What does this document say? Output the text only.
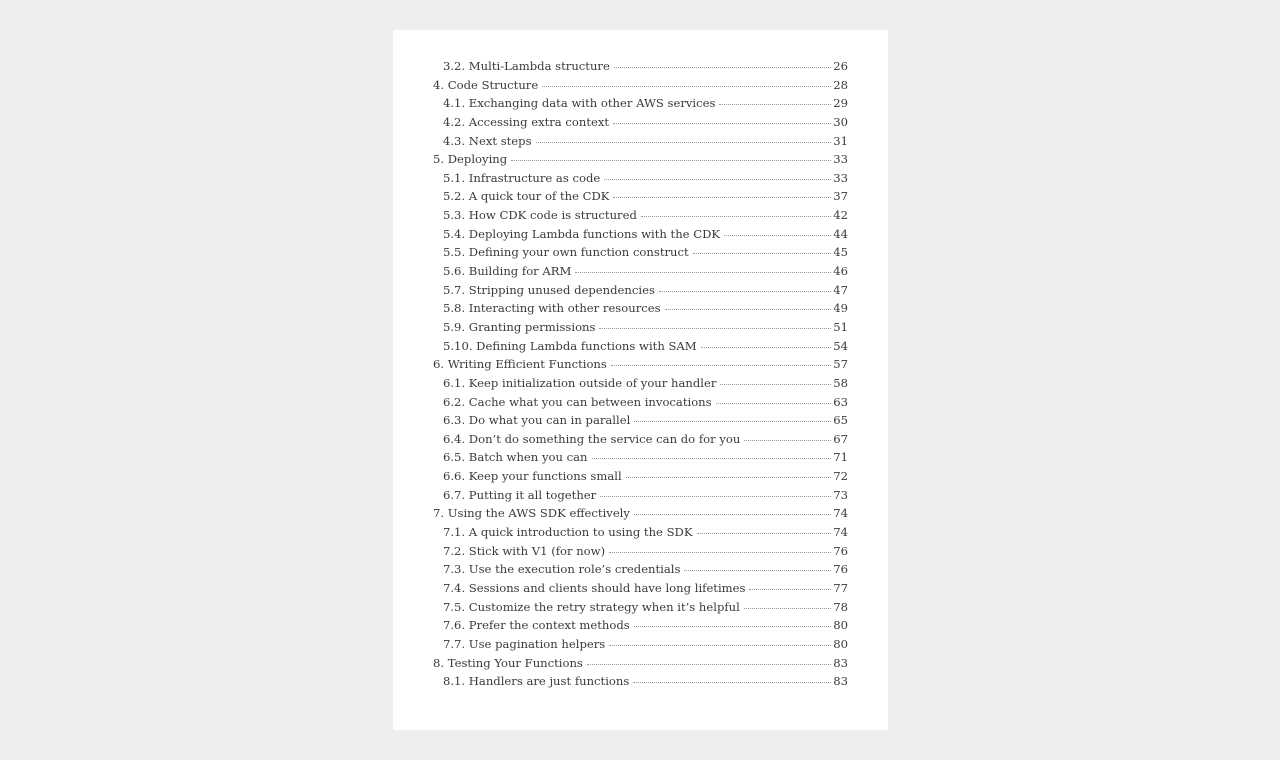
3.2. Multi-Lambda structure	26
4. Code Structure	28
4.1. Exchanging data with other AWS services	29
4.2. Accessing extra context	30
4.3. Next steps	31
5. Deploying	33
5.1. Infrastructure as code	33
5.2. A quick tour of the CDK	37
5.3. How CDK code is structured	42
5.4. Deploying Lambda functions with the CDK	44
5.5. Defining your own function construct	45
5.6. Building for ARM	46
5.7. Stripping unused dependencies	47
5.8. Interacting with other resources	49
5.9. Granting permissions	51
5.10. Defining Lambda functions with SAM	54
6. Writing Efficient Functions	57
6.1. Keep initialization outside of your handler	58
6.2. Cache what you can between invocations	63
6.3. Do what you can in parallel	65
6.4. Don’t do something the service can do for you	67
6.5. Batch when you can	71
6.6. Keep your functions small	72
6.7. Putting it all together	73
7. Using the AWS SDK effectively	74
7.1. A quick introduction to using the SDK	74
7.2. Stick with V1 (for now)	76
7.3. Use the execution role’s credentials	76
7.4. Sessions and clients should have long lifetimes	77
7.5. Customize the retry strategy when it’s helpful	78
7.6. Prefer the context methods	80
7.7. Use pagination helpers	80
8. Testing Your Functions	83
8.1. Handlers are just functions	83
